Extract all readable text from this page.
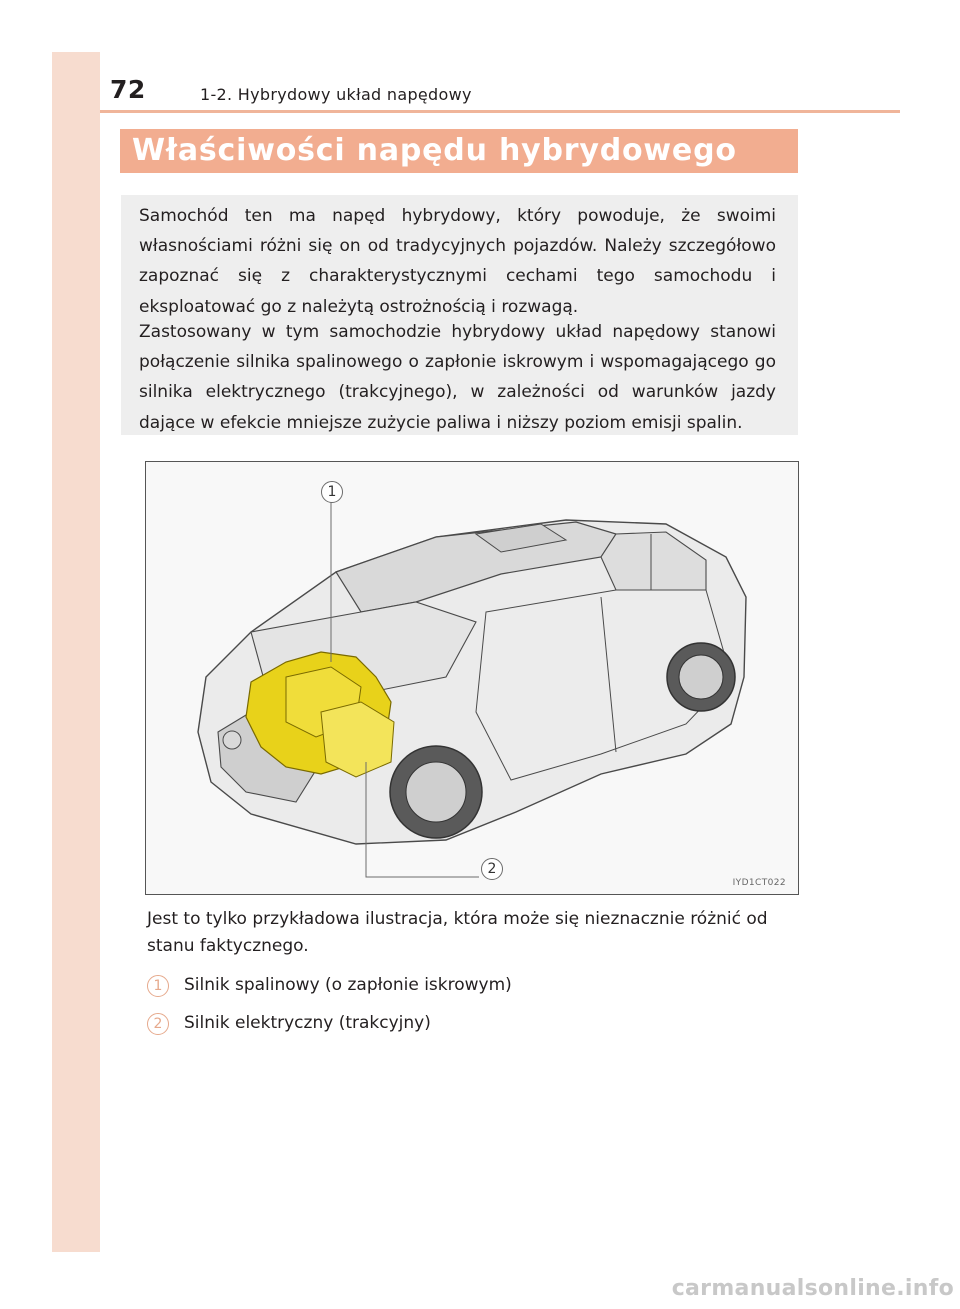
72	1-2. Hybrydowy układ napędowy
Właściwości napędu hybrydowego

Samochód ten ma napęd hybrydowy, który powoduje, że swoimi własnościami różni się on od tradycyjnych pojazdów. Należy szczegółowo zapoznać się z charakterystycznymi cechami tego samochodu i eksploatować go z należytą ostrożnością i rozwagą.

Zastosowany w tym samochodzie hybrydowy układ napędowy stanowi połączenie silnika spalinowego o zapłonie iskrowym i wspomagającego go silnika elektrycznego (trakcyjnego), w zależności od warunków jazdy dające w efekcie mniejsze zużycie paliwa i niższy poziom emisji spalin.

1
2
IYD1CT022

Jest to tylko przykładowa ilustracja, która może się nieznacznie różnić od stanu faktycznego.

1	Silnik spalinowy (o zapłonie iskrowym)
2	Silnik elektryczny (trakcyjny)
carmanualsonline.info
